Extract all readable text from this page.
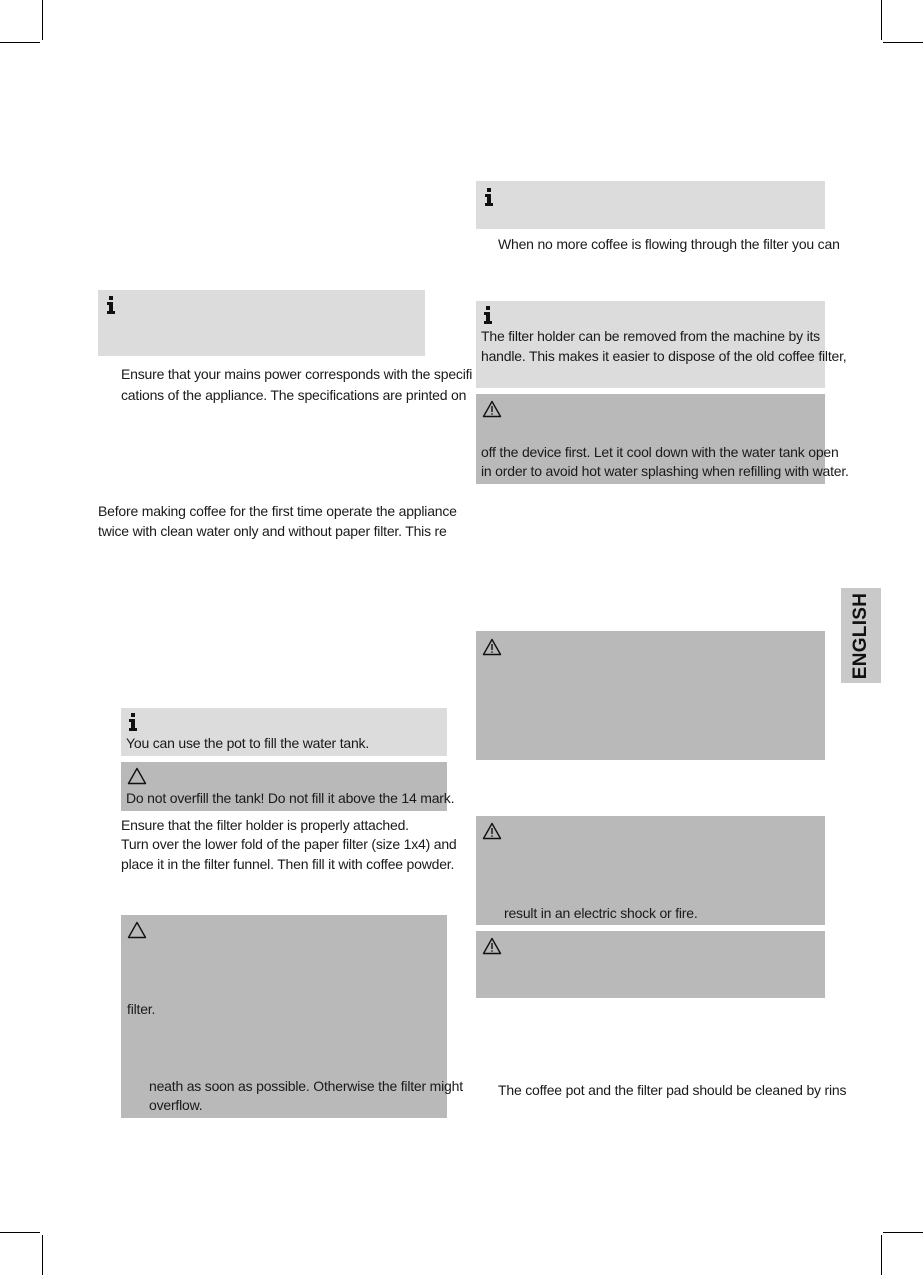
ENGLISH
Ensure that your mains power corresponds with the specifi
cations of the appliance. The specifications are printed on
Before making coffee for the first time operate the appliance
twice with clean water only and without paper filter. This re
You can use the pot to fill the water tank.
Do not overfill the tank! Do not fill it above the 14 mark.
Ensure that the filter holder is properly attached.
Turn over the lower fold of the paper filter (size 1x4) and
place it in the filter funnel. Then fill it with coffee powder.
filter.
neath as soon as possible. Otherwise the filter might
overflow.
When no more coffee is flowing through the filter you can
The filter holder can be removed from the machine by its
handle. This makes it easier to dispose of the old coffee filter,
off the device first. Let it cool down with the water tank open
in order to avoid hot water splashing when refilling with water.
result in an electric shock or fire.
The coffee pot and the filter pad should be cleaned by rins
